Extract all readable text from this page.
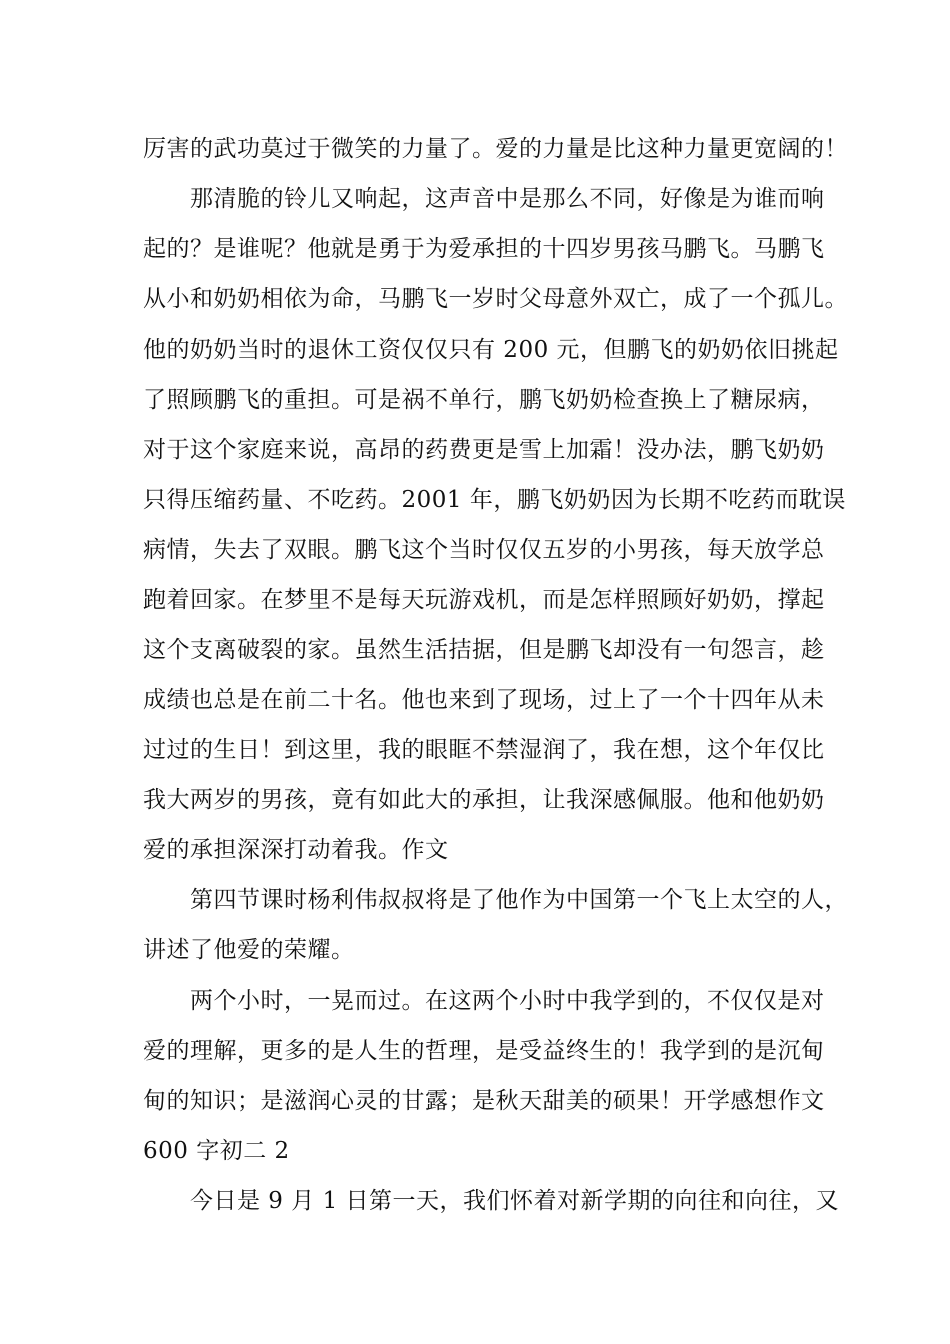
厉害的武功莫过于微笑的力量了。爱的力量是比这种力量更宽阔的！
那清脆的铃儿又响起，这声音中是那么不同，好像是为谁而响
起的？是谁呢？他就是勇于为爱承担的十四岁男孩马鹏飞。马鹏飞
从小和奶奶相依为命，马鹏飞一岁时父母意外双亡，成了一个孤儿。
他的奶奶当时的退休工资仅仅只有 200 元，但鹏飞的奶奶依旧挑起
了照顾鹏飞的重担。可是祸不单行，鹏飞奶奶检查换上了糖尿病，
对于这个家庭来说，高昂的药费更是雪上加霜！没办法，鹏飞奶奶
只得压缩药量、不吃药。2001 年，鹏飞奶奶因为长期不吃药而耽误
病情，失去了双眼。鹏飞这个当时仅仅五岁的小男孩，每天放学总
跑着回家。在梦里不是每天玩游戏机，而是怎样照顾好奶奶，撑起
这个支离破裂的家。虽然生活拮据，但是鹏飞却没有一句怨言，趁
成绩也总是在前二十名。他也来到了现场，过上了一个十四年从未
过过的生日！到这里，我的眼眶不禁湿润了，我在想，这个年仅比
我大两岁的男孩，竟有如此大的承担，让我深感佩服。他和他奶奶
爱的承担深深打动着我。作文
第四节课时杨利伟叔叔将是了他作为中国第一个飞上太空的人，
讲述了他爱的荣耀。
两个小时，一晃而过。在这两个小时中我学到的，不仅仅是对
爱的理解，更多的是人生的哲理，是受益终生的！我学到的是沉甸
甸的知识；是滋润心灵的甘露；是秋天甜美的硕果！开学感想作文
600 字初二 2
今日是 9 月 1 日第一天，我们怀着对新学期的向往和向往，又
